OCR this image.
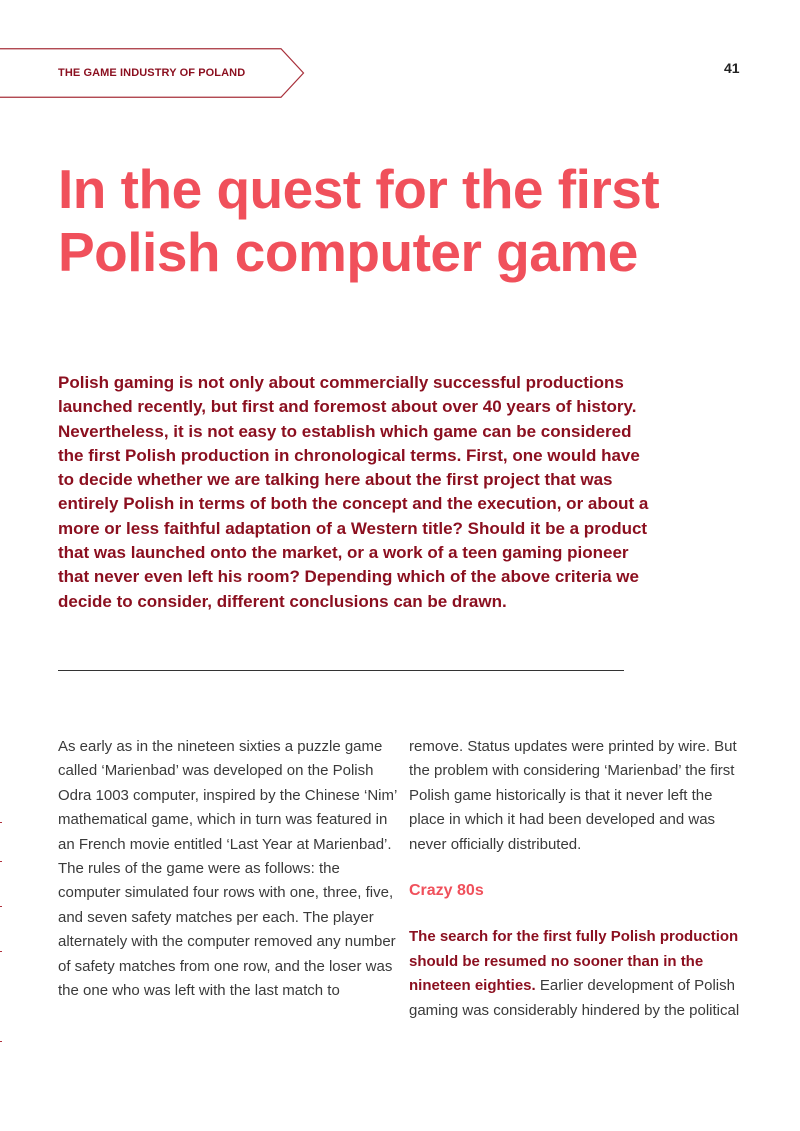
THE GAME INDUSTRY OF POLAND	41
In the quest for the first Polish computer game

Polish gaming is not only about commercially successful productions launched recently, but first and foremost about over 40 years of history. Nevertheless, it is not easy to establish which game can be considered the first Polish production in chronological terms. First, one would have to decide whether we are talking here about the first project that was entirely Polish in terms of both the concept and the execution, or about a more or less faithful adaptation of a Western title? Should it be a product that was launched onto the market, or a work of a teen gaming pioneer that never even left his room? Depending which of the above criteria we decide to consider, different conclusions can be drawn.

As early as in the nineteen sixties a puzzle game called ‘Marienbad’ was developed on the Polish Odra 1003 computer, inspired by the Chinese ‘Nim’ mathematical game, which in turn was featured in an French movie entitled ‘Last Year at Marienbad’. The rules of the game were as follows: the computer simulated four rows with one, three, five, and seven safety matches per each. The player alternately with the computer removed any number of safety matches from one row, and the loser was the one who was left with the last match to

remove. Status updates were printed by wire. But the problem with considering ‘Marienbad’ the first Polish game historically is that it never left the place in which it had been developed and was never officially distributed.

Crazy 80s

The search for the first fully Polish production should be resumed no sooner than in the nineteen eighties. Earlier development of Polish gaming was considerably hindered by the political
